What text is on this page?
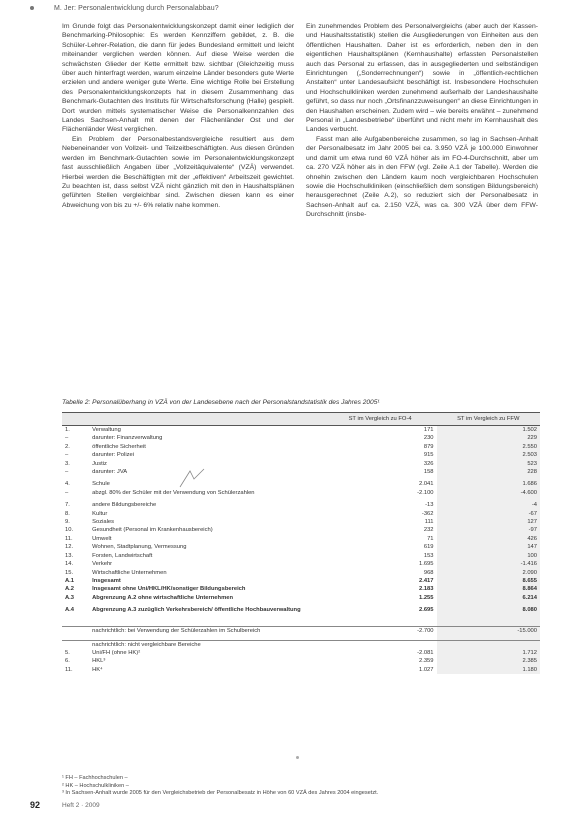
M. Jer: Personalentwicklung durch Personalabbau?

Im Grunde folgt das Personalentwicklungskonzept damit einer lediglich der Benchmarking-Philosophie: Es werden Kennziffern gebildet, z. B. die Schüler-Lehrer-Relation, die dann für jedes Bundesland ermittelt und leicht miteinander verglichen werden können. Auf diese Weise werden die schwächsten Glieder der Kette ermittelt bzw. sichtbar (Gleichzeitig muss über auch hinterfragt werden, warum einzelne Länder besonders gute Werte erzielen und andere weniger gute Werte. Eine wichtige Rolle bei Erstellung des Personalentwicklungskonzepts hat in diesem Zusammenhang das Benchmark-Gutachten des Instituts für Wirtschaftsforschung (Halle) gespielt. Dort wurden mittels systematischer Weise die Personalkennzahlen des Landes Sachsen-Anhalt mit denen der Flächenländer Ost und der Flächenländer West verglichen.

Ein Problem der Personalbestandsvergleiche resultiert aus dem Nebeneinander von Vollzeit- und Teilzeitbeschäftigten. Aus diesen Gründen werden im Benchmark-Gutachten sowie im Personalentwicklungskonzept fast ausschließlich Angaben über „Vollzeitäquivalente“ (VZÄ) verwendet. Hierbei werden die Beschäftigten mit der „effektiven“ Arbeitszeit gewichtet. Zu beachten ist, dass selbst VZÄ nicht gänzlich mit den in Haushaltsplänen geführten Stellen vergleichbar sind. Zwischen diesen kann es einer Abweichung von bis zu +/- 6% relativ nahe kommen.

Ein zunehmendes Problem des Personalvergleichs (aber auch der Kassen- und Haushaltsstatistik) stellen die Ausgliederungen von Einheiten aus den öffentlichen Haushalten. Daher ist es erforderlich, neben den in den eigentlichen Haushaltsplänen (Kernhaushalte) erfassten Personalstellen auch das Personal zu erfassen, das in ausgegliederten und selbständigen Einrichtungen („Sonderrechnungen“) sowie in „öffentlich-rechtlichen Anstalten“ unter Landesaufsicht beschäftigt ist. Insbesondere Hochschulen und Hochschulkliniken werden zunehmend außerhalb der Landeshaushalte geführt, so dass nur noch „Ortsfinanzzuweisungen“ an diese Einrichtungen in den Haushalten erscheinen. Zudem wird – wie bereits erwähnt – zunehmend Personal in „Landesbetriebe“ überführt und nicht mehr im Kernhaushalt des Landes verbucht.

Fasst man alle Aufgabenbereiche zusammen, so lag in Sachsen-Anhalt der Personalbesatz im Jahr 2005 bei ca. 3.950 VZÄ je 100.000 Einwohner und damit um etwa rund 60 VZÄ höher als im FO-4-Durchschnitt, aber um ca. 270 VZÄ höher als in den FFW (vgl. Zeile A.1 der Tabelle). Werden die ohnehin zwischen den Ländern kaum noch vergleichbaren Hochschulen sowie die Hochschulkliniken (einschließlich dem sonstigen Bildungsbereich) herausgerechnet (Zeile A.2), so reduziert sich der Personalbesatz in Sachsen-Anhalt auf ca. 2.150 VZÄ, was ca. 300 VZÄ über dem FFW-Durchschnitt (insbe-

Tabelle 2: Personalüberhang in VZÄ von der Landesebene nach der Personalstandstatistik des Jahres 2005¹
		ST im Vergleich zu FO-4	ST im Vergleich zu FFW
1.	Verwaltung	171	1.502
–	darunter: Finanzverwaltung	230	229
2.	öffentliche Sicherheit	879	2.550
–	darunter: Polizei	915	2.503
3.	Justiz	326	523
–	darunter: JVA	158	228

4.	Schule	2.041	1.686
–	abzgl. 80% der Schüler mit der Verwendung von Schülerzahlen	-2.100	-4.600

7.	andere Bildungsbereiche	-13	-4
8.	Kultur	-362	-67
9.	Soziales	111	127
10.	Gesundheit (Personal im Krankenhausbereich)	232	-97
11.	Umwelt	71	426
12.	Wohnen, Stadtplanung, Vermessung	619	147
13.	Forsten, Landwirtschaft	153	100
14.	Verkehr	1.695	-1.416
15.	Wirtschaftliche Unternehmen	968	2.090
A.1	Insgesamt	2.417	8.655
A.2	Insgesamt ohne Uni/HKL/HK/sonstiger Bildungsbereich	2.183	8.864
A.3	Abgrenzung A.2 ohne wirtschaftliche Unternehmen	1.255	6.214

A.4	Abgrenzung A.3 zuzüglich Verkehrsbereich/ öffentliche Hochbauverwaltung	2.695	8.080

	nachrichtlich: bei Verwendung der Schülerzahlen im Schulbereich	-2.700	-15.000

	nachrichtlich: nicht vergleichbare Bereiche		
5.	Uni/FH (ohne HK)²	-2.081	1.712
6.	HKL³	2.359	2.385
11.	HK⁴	1.027	1.180
¹ FH – Fachhochschulen –
² HK – Hochschulkliniken –
³ In Sachsen-Anhalt wurde 2005 für den Vergleichsbetrieb der Personalbesatz in Höhe von 60 VZÄ des Jahres 2004 eingesetzt.
92	Heft 2 · 2009
